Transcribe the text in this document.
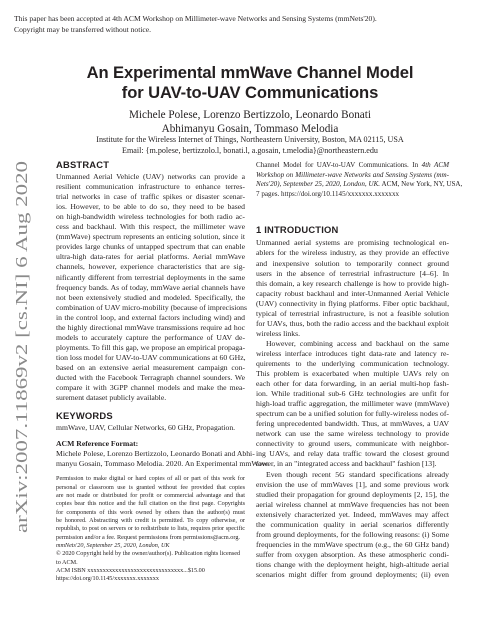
This paper has been accepted at 4th ACM Workshop on Millimeter-wave Networks and Sensing Systems (mmNets'20).
Copyright may be transferred without notice.
arXiv:2007.11869v2 [cs.NI] 6 Aug 2020
An Experimental mmWave Channel Model
for UAV-to-UAV Communications
Michele Polese, Lorenzo Bertizzolo, Leonardo Bonati
Abhimanyu Gosain, Tommaso Melodia
Institute for the Wireless Internet of Things, Northeastern University, Boston, MA 02115, USA
Email: {m.polese, bertizzolo.l, bonati.l, a.gosain, t.melodia}@northeastern.edu
ABSTRACT
Unmanned Aerial Vehicle (UAV) networks can provide a
resilient communication infrastructure to enhance terres-
trial networks in case of traffic spikes or disaster scenar-
ios. However, to be able to do so, they need to be based
on high-bandwidth wireless technologies for both radio ac-
cess and backhaul. With this respect, the millimeter wave
(mmWave) spectrum represents an enticing solution, since it
provides large chunks of untapped spectrum that can enable
ultra-high data-rates for aerial platforms. Aerial mmWave
channels, however, experience characteristics that are sig-
nificantly different from terrestrial deployments in the same
frequency bands. As of today, mmWave aerial channels have
not been extensively studied and modeled. Specifically, the
combination of UAV micro-mobility (because of imprecisions
in the control loop, and external factors including wind) and
the highly directional mmWave transmissions require ad hoc
models to accurately capture the performance of UAV de-
ployments. To fill this gap, we propose an empirical propaga-
tion loss model for UAV-to-UAV communications at 60 GHz,
based on an extensive aerial measurement campaign con-
ducted with the Facebook Terragraph channel sounders. We
compare it with 3GPP channel models and make the mea-
surement dataset publicly available.
KEYWORDS
mmWave, UAV, Cellular Networks, 60 GHz, Propagation.
ACM Reference Format:
Michele Polese, Lorenzo Bertizzolo, Leonardo Bonati and Abhi-
manyu Gosain, Tommaso Melodia. 2020. An Experimental mmWave
Permission to make digital or hard copies of all or part of this work for
personal or classroom use is granted without fee provided that copies
are not made or distributed for profit or commercial advantage and that
copies bear this notice and the full citation on the first page. Copyrights
for components of this work owned by others than the author(s) must
be honored. Abstracting with credit is permitted. To copy otherwise, or
republish, to post on servers or to redistribute to lists, requires prior specific
permission and/or a fee. Request permissions from permissions@acm.org.
mmNets'20, September 25, 2020, London, UK
© 2020 Copyright held by the owner/author(s). Publication rights licensed
to ACM.
ACM ISBN xxxxxxxxxxxxxxxxxxxxxxxxxxxxxxx...$15.00
https://doi.org/10.1145/xxxxxxx.xxxxxxx
Channel Model for UAV-to-UAV Communications. In 4th ACM
Workshop on Millimeter-wave Networks and Sensing Systems (mm-
Nets'20), September 25, 2020, London, UK. ACM, New York, NY, USA,
7 pages. https://doi.org/10.1145/xxxxxxx.xxxxxxx
1 INTRODUCTION
Unmanned aerial systems are promising technological en-
ablers for the wireless industry, as they provide an effective
and inexpensive solution to temporarily connect ground
users in the absence of terrestrial infrastructure [4–6]. In
this domain, a key research challenge is how to provide high-
capacity robust backhaul and inter-Unmanned Aerial Vehicle
(UAV) connectivity in flying platforms. Fiber optic backhaul,
typical of terrestrial infrastructure, is not a feasible solution
for UAVs, thus, both the radio access and the backhaul exploit
wireless links.
However, combining access and backhaul on the same
wireless interface introduces tight data-rate and latency re-
quirements to the underlying communication technology.
This problem is exacerbated when multiple UAVs rely on
each other for data forwarding, in an aerial multi-hop fash-
ion. While traditional sub-6 GHz technologies are unfit for
high-load traffic aggregation, the millimeter wave (mmWave)
spectrum can be a unified solution for fully-wireless nodes of-
fering unprecedented bandwidth. Thus, at mmWaves, a UAV
network can use the same wireless technology to provide
connectivity to ground users, communicate with neighbor-
ing UAVs, and relay data traffic toward the closest ground
tower, in an "integrated access and backhaul" fashion [13].
Even though recent 5G standard specifications already
envision the use of mmWaves [1], and some previous work
studied their propagation for ground deployments [2, 15], the
aerial wireless channel at mmWave frequencies has not been
extensively characterized yet. Indeed, mmWaves may affect
the communication quality in aerial scenarios differently
from ground deployments, for the following reasons: (i) Some
frequencies in the mmWave spectrum (e.g., the 60 GHz band)
suffer from oxygen absorption. As these atmospheric condi-
tions change with the deployment height, high-altitude aerial
scenarios might differ from ground deployments; (ii) even
